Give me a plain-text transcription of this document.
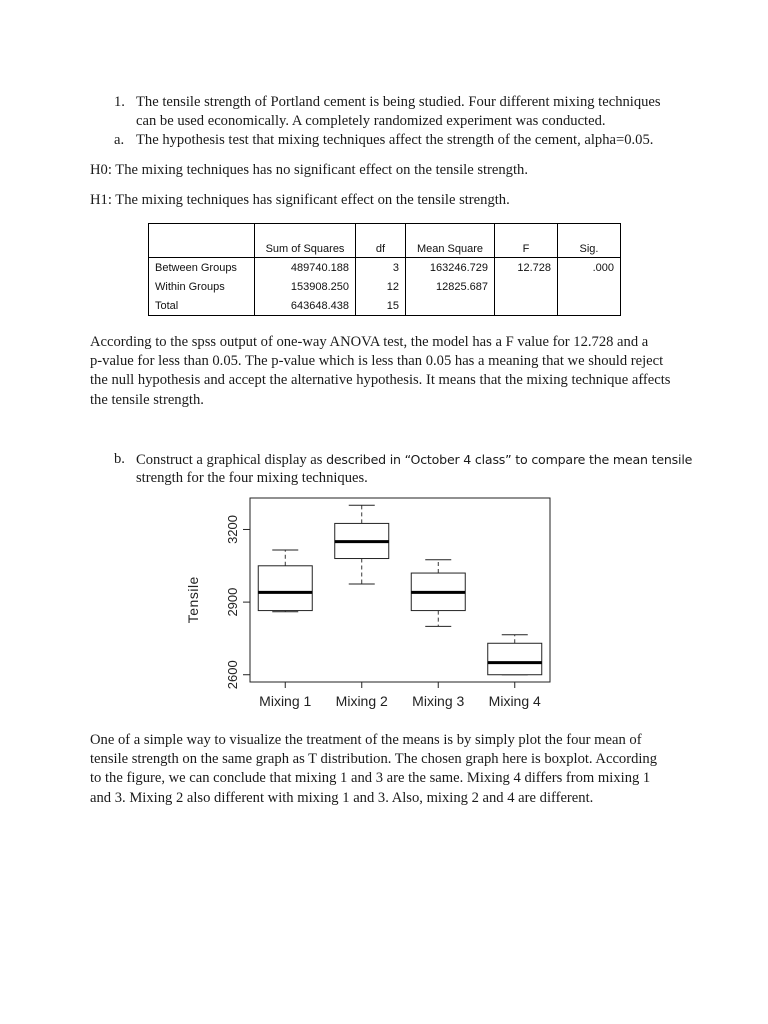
1. The tensile strength of Portland cement is being studied. Four different mixing techniques
can be used economically. A completely randomized experiment was conducted.
a. The hypothesis test that mixing techniques affect the strength of the cement, alpha=0.05.
H0: The mixing techniques has no significant effect on the tensile strength.
H1: The mixing techniques has significant effect on the tensile strength.
	Sum of Squares	df	Mean Square	F	Sig.
Between Groups	489740.188	3	163246.729	12.728	.000
Within Groups	153908.250	12	12825.687		
Total	643648.438	15			
According to the spss output of one-way ANOVA test, the model has a F value for 12.728 and a
p-value for less than 0.05. The p-value which is less than 0.05 has a meaning that we should reject
the null hypothesis and accept the alternative hypothesis. It means that the mixing technique affects
the tensile strength.
b. Construct a graphical display as described in “October 4 class” to compare the mean tensile
strength for the four mixing techniques.
2600
2900
3200
Tensile
Mixing 1 Mixing 2 Mixing 3 Mixing 4
One of a simple way to visualize the treatment of the means is by simply plot the four mean of
tensile strength on the same graph as T distribution. The chosen graph here is boxplot. According
to the figure, we can conclude that mixing 1 and 3 are the same. Mixing 4 differs from mixing 1
and 3. Mixing 2 also different with mixing 1 and 3. Also, mixing 2 and 4 are different.
